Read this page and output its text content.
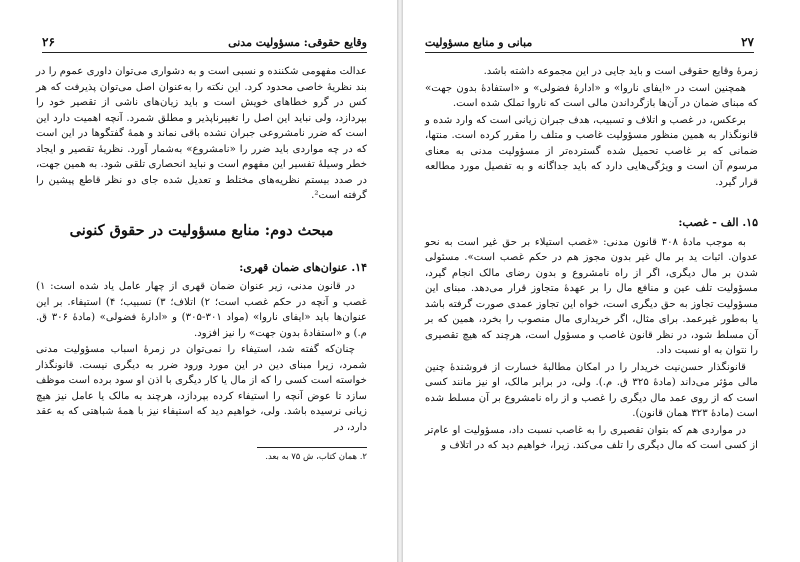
۲۶	وقایع حقوقی: مسؤولیت مدنی

عدالت مفهومی شکننده و نسبی است و به دشواری می‌توان داوری عموم را در بند نظریهٔ خاصی محدود کرد. این نکته را به‌عنوان اصل می‌توان پذیرفت که هر کس در گرو خطاهای خویش است و باید زیان‌های ناشی از تقصیر خود را بپردازد، ولی نباید این اصل را تغییرناپذیر و مطلق شمرد. آنچه اهمیت دارد این است که ضرر نامشروعی جبران نشده باقی نماند و همهٔ گفتگوها در این است که در چه مواردی باید ضرر را «نامشروع» به‌شمار آورد. نظریهٔ تقصیر و ایجاد خطر وسیلهٔ تفسیر این مفهوم است و نباید انحصاری تلقی شود. به همین جهت، در صدد بیستم نظریه‌های مختلط و تعدیل شده جای دو نظر قاطع پیشین را گرفته است².

مبحث دوم: منابع مسؤولیت در حقوق کنونی
۱۴. عنوان‌های ضمان قهری:

در قانون مدنی، زیر عنوان ضمان قهری از چهار عامل یاد شده است: ۱) غصب و آنچه در حکم غصب است؛ ۲) اتلاف؛ ۳) تسبیب؛ ۴) استیفاء. بر این عنوان‌ها باید «ایفای ناروا» (مواد ۳۰۱-۳۰۵) و «ادارهٔ فضولی» (مادهٔ ۳۰۶ ق. م.) و «استفادهٔ بدون جهت» را نیز افزود.

چنان‌که گفته شد، استیفاء را نمی‌توان در زمرهٔ اسباب مسؤولیت مدنی شمرد، زیرا مبنای دین در این مورد ورود ضرر به دیگری نیست. قانونگذار خواسته است کسی را که از مال یا کار دیگری با اذن او سود برده است موظف سازد تا عوض آنچه را استیفاء کرده بپردازد، هرچند به مالک یا عامل نیز هیچ زیانی نرسیده باشد. ولی، خواهیم دید که استیفاء نیز با همهٔ شباهتی که به عقد دارد، در

۲. همان کتاب، ش ۷۵ به بعد.
مبانی و منابع مسؤولیت	۲۷

زمرهٔ وقایع حقوقی است و باید جایی در این مجموعه داشته باشد.

همچنین است در «ایفای ناروا» و «ادارهٔ فضولی» و «استفادهٔ بدون جهت» که مبنای ضمان در آن‌ها بازگرداندن مالی است که ناروا تملک شده است.

برعکس، در غصب و اتلاف و تسبیب، هدف جبران زیانی است که وارد شده و قانونگذار به همین منظور مسؤولیت غاصب و متلف را مقرر کرده است. منتها، ضمانی که بر غاصب تحمیل شده گسترده‌تر از مسؤولیت مدنی به معنای مرسوم آن است و ویژگی‌هایی دارد که باید جداگانه و به تفصیل مورد مطالعه قرار گیرد.

۱۵. الف - غصب:

به موجب مادهٔ ۳۰۸ قانون مدنی: «غصب استیلاء بر حق غیر است به نحو عدوان. اثبات ید بر مال غیر بدون مجوز هم در حکم غصب است». مسئولی شدن بر مال دیگری، اگر از راه نامشروع و بدون رضای مالک انجام گیرد، مسؤولیت تلف عین و منافع مال را بر عهدهٔ متجاوز قرار می‌دهد. مبنای این مسؤولیت تجاوز به حق دیگری است، خواه این تجاوز عمدی صورت گرفته باشد یا به‌طور غیرعمد. برای مثال، اگر خریداری مال منصوب را بخرد، همین که بر آن مسلط شود، در نظر قانون غاصب و مسؤول است، هرچند که هیچ تقصیری را نتوان به او نسبت داد.

قانونگذار حسن‌نیت خریدار را در امکان مطالبهٔ خسارت از فروشندهٔ چنین مالی مؤثر می‌داند (مادهٔ ۳۲۵ ق. م.). ولی، در برابر مالک، او نیز مانند کسی است که از روی عمد مال دیگری را غصب و از راه نامشروع بر آن مسلط شده است (مادهٔ ۳۲۳ همان قانون).

در مواردی هم که بتوان تقصیری را به غاصب نسبت داد، مسؤولیت او عام‌تر از کسی است که مال دیگری را تلف می‌کند. زیرا، خواهیم دید که در اتلاف و
